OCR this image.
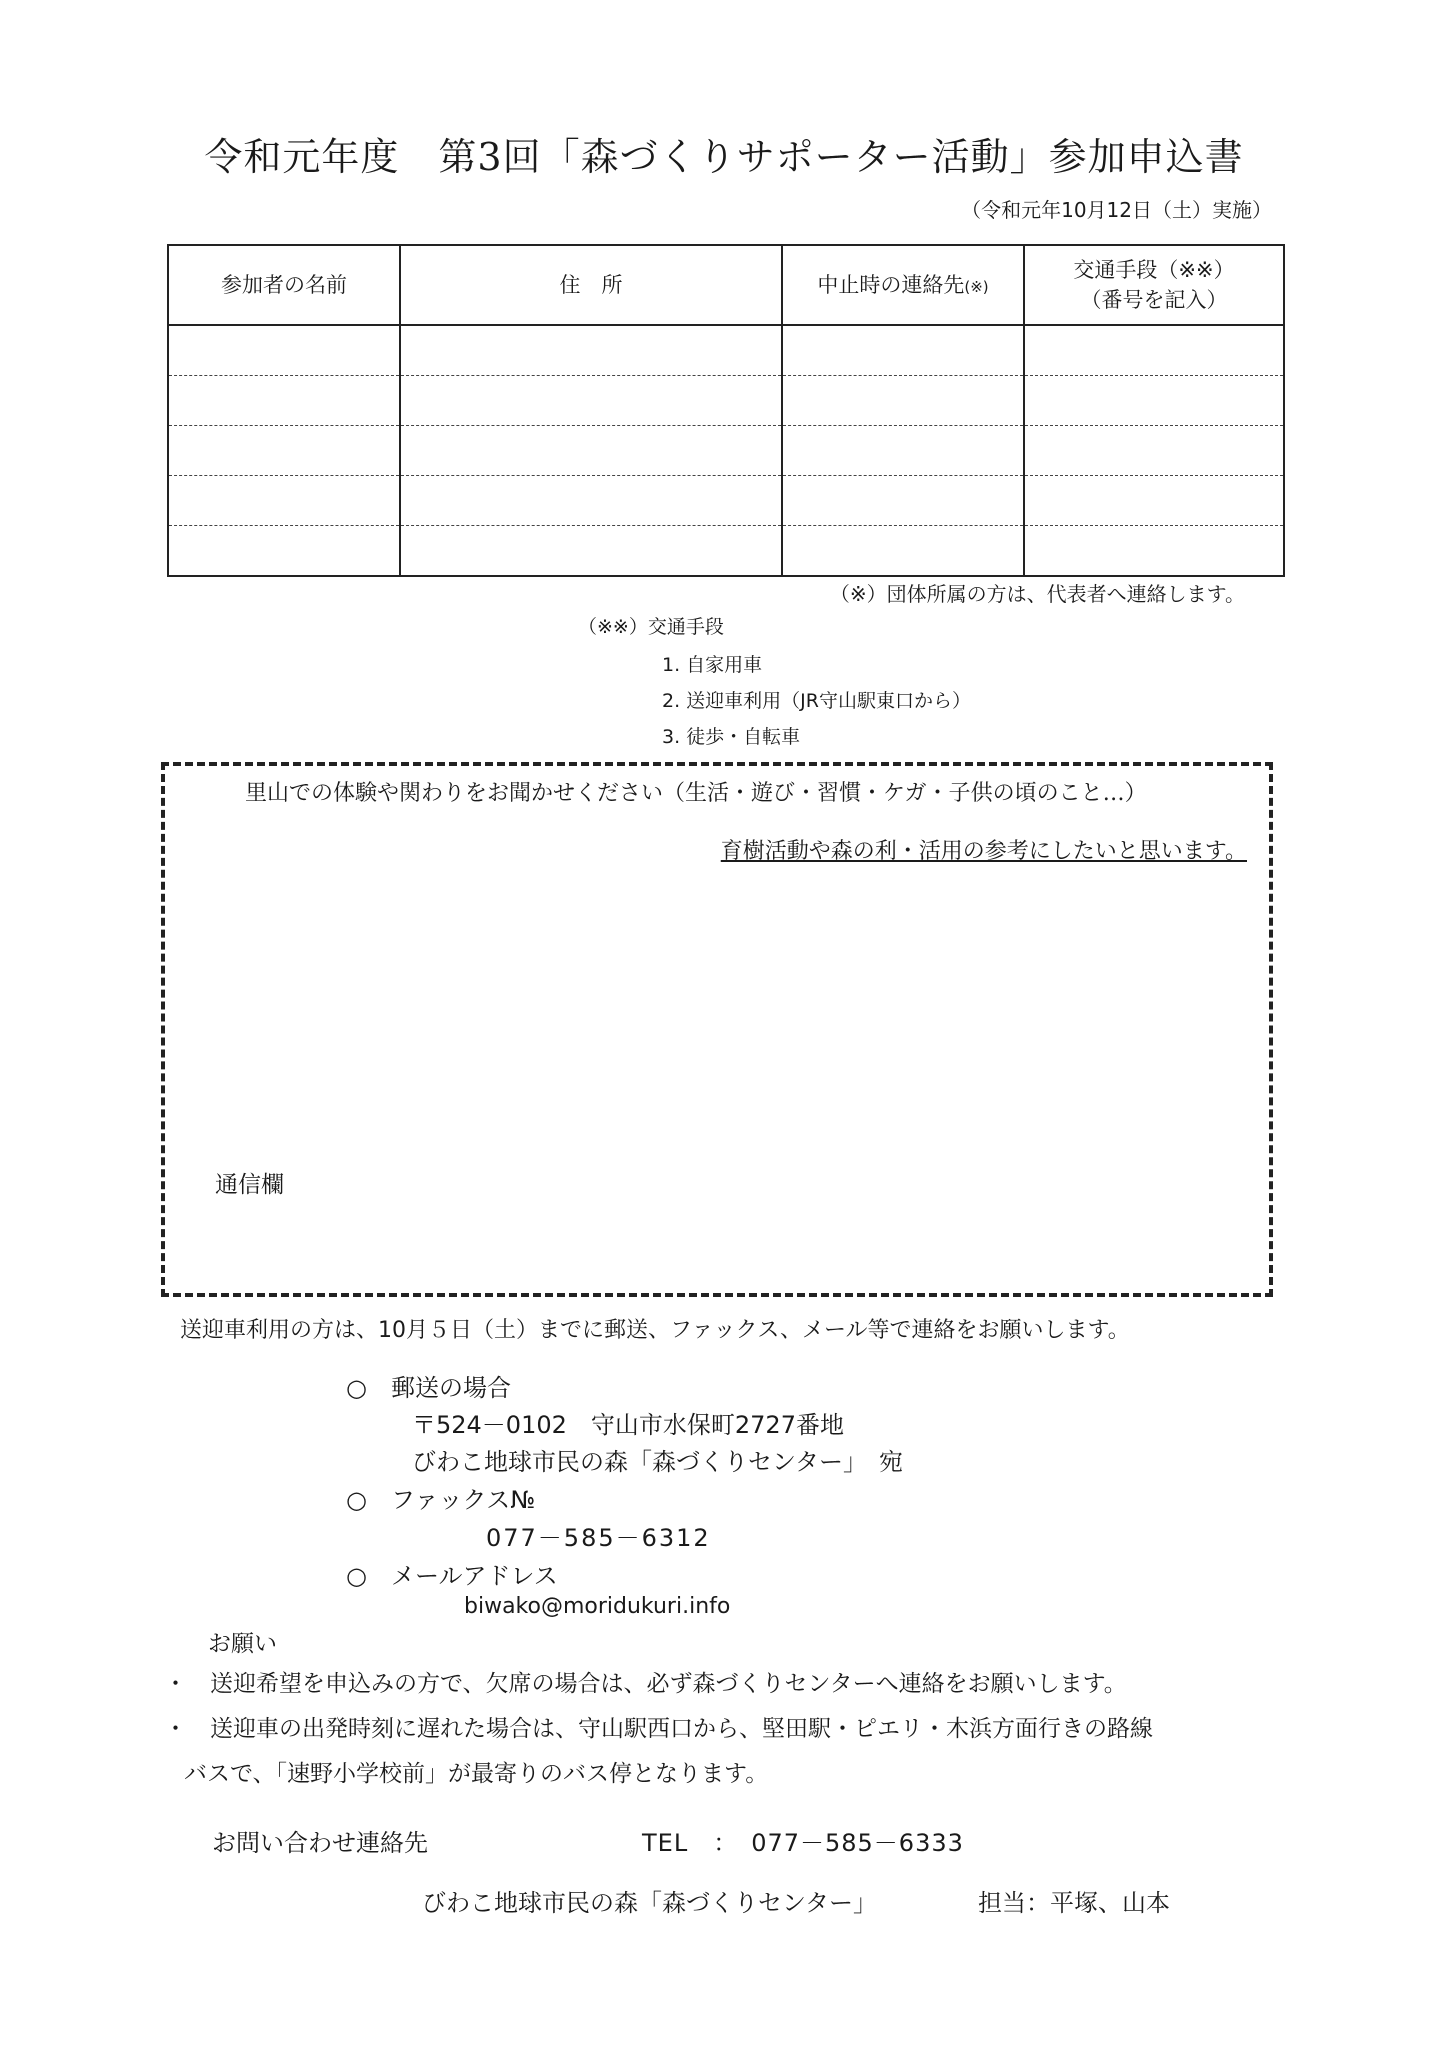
令和元年度　第3回「森づくりサポーター活動」参加申込書
（令和元年10月12日（土）実施）
参加者の名前	住　所	中止時の連絡先(※)	交通手段（※※）
（番号を記入）

（※）団体所属の方は、代表者へ連絡します。
（※※）交通手段
1. 自家用車
2. 送迎車利用（JR守山駅東口から）
3. 徒歩・自転車
里山での体験や関わりをお聞かせください（生活・遊び・習慣・ケガ・子供の頃のこと…）
育樹活動や森の利・活用の参考にしたいと思います。
通信欄
送迎車利用の方は、10月５日（土）までに郵送、ファックス、メール等で連絡をお願いします。
○　郵送の場合
〒524－0102　守山市水保町2727番地
びわこ地球市民の森「森づくりセンター」　宛
○　ファックス№
077－585－6312
○　メールアドレス
biwako@moridukuri.info
お願い
・　送迎希望を申込みの方で、欠席の場合は、必ず森づくりセンターへ連絡をお願いします。
・　送迎車の出発時刻に遅れた場合は、守山駅西口から、堅田駅・ピエリ・木浜方面行きの路線
バスで、「速野小学校前」が最寄りのバス停となります。
お問い合わせ連絡先	TEL　：　077－585－6333
びわこ地球市民の森「森づくりセンター」	担当：平塚、山本
